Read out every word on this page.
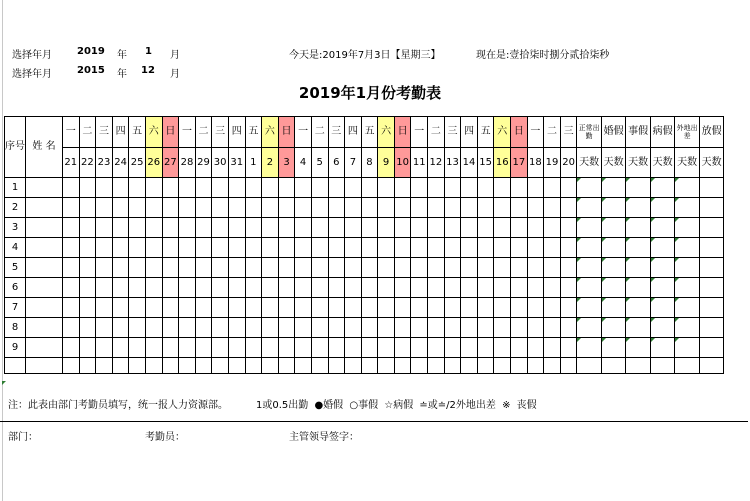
选择年月	2019 年 1 月
选择年月	2015 年 12 月
今天是:2019年7月3日【星期三】	现在是:壹拾柒时捌分贰拾柒秒
2019年1月份考勤表
序号	姓 名	一	二	三	四	五	六	日	一	二	三	四	五	六	日	一	二	三	四	五	六	日	一	二	三	四	五	六	日	一	二	三	正常出勤	婚假	事假	病假	外地出差	放假
		21	22	23	24	25	26	27	28	29	30	31	1	2	3	4	5	6	7	8	9	10	11	12	13	14	15	16	17	18	19	20	天数	天数	天数	天数	天数	天数
1																																						
2																																						
3																																						
4																																						
5																																						
6																																						
7																																						
8																																						
9																																						

注：此表由部门考勤员填写，统一报人力资源部。	1或0.5出勤 ●婚假 ○事假 ☆病假 ≐或≐/2外地出差 ※ 丧假
部门：	考勤员：	主管领导签字：
